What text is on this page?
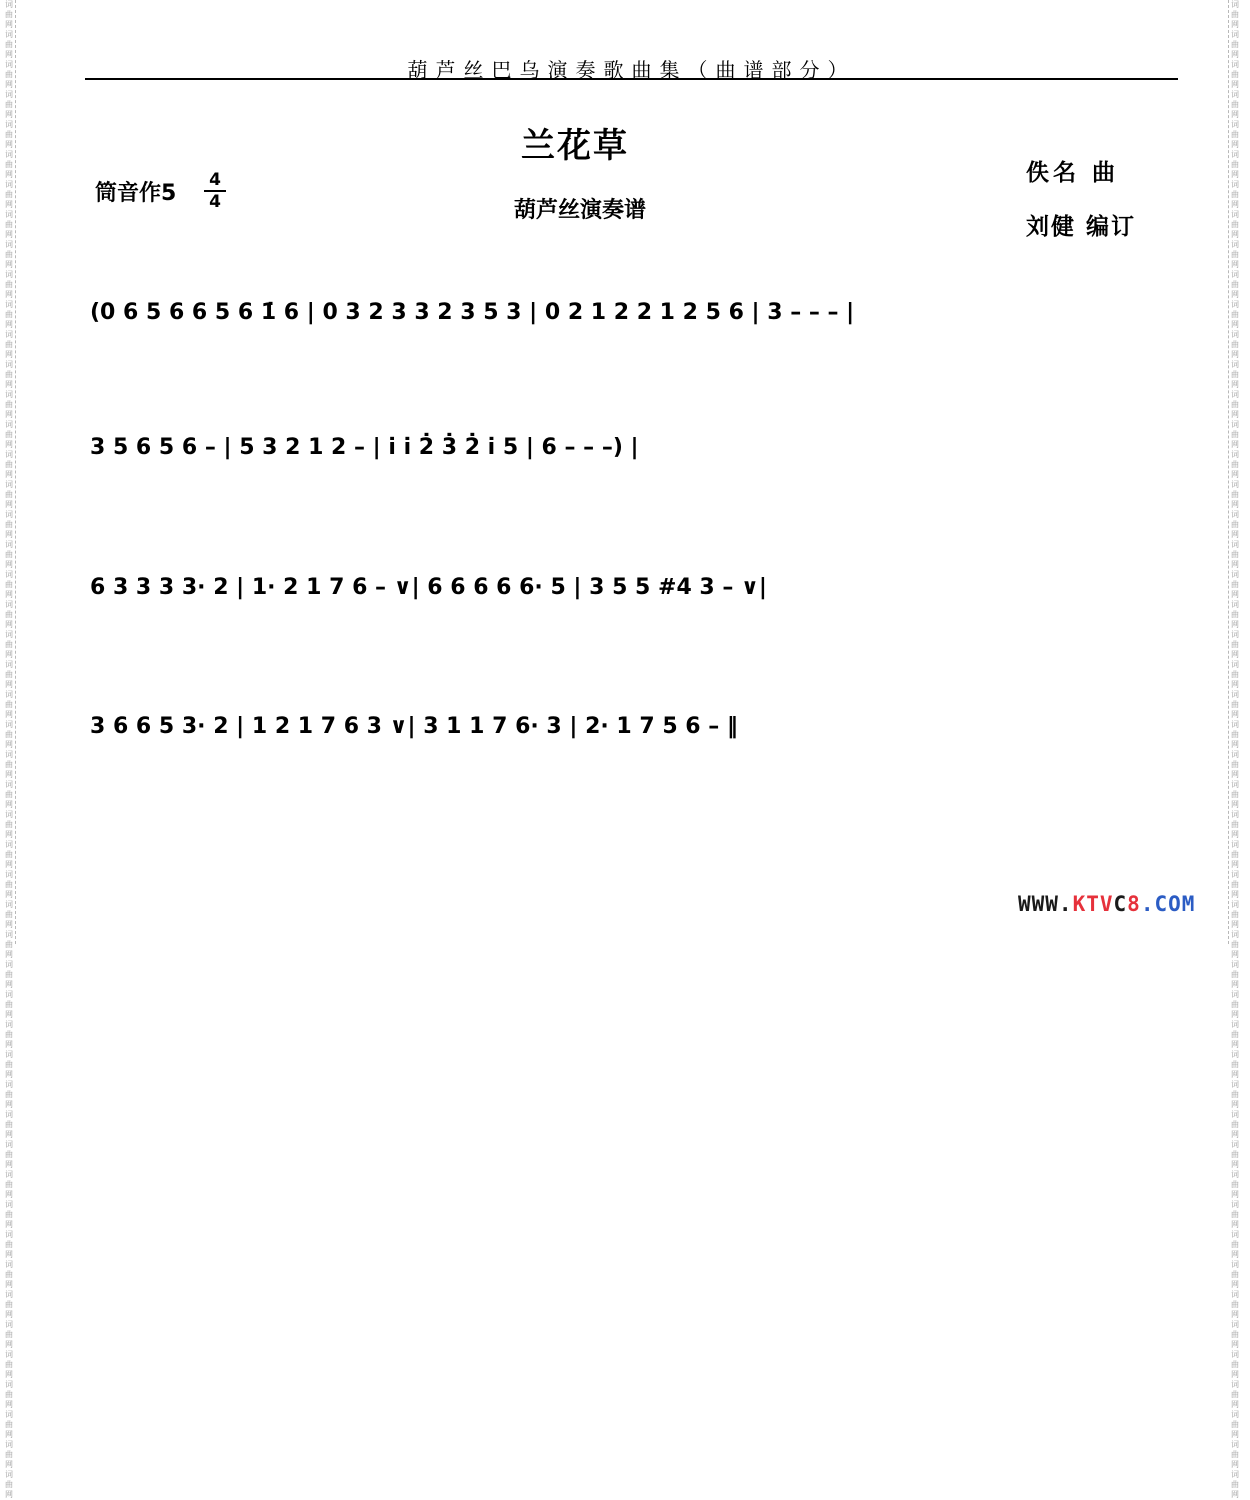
词曲网词曲网词曲网词曲网词曲网词曲网词曲网词曲网词曲网词曲网词曲网词曲网词曲网词曲网词曲网词曲网词曲网词曲网词曲网词曲网词曲网词曲网词曲网词曲网词曲网词曲网词曲网词曲网词曲网词曲网词曲网词曲网词曲网词曲网词曲网词曲网词曲网词曲网词曲网词曲网词曲网词曲网词曲网词曲网词曲网词曲网词曲网词曲网词曲网词曲网
词曲网词曲网词曲网词曲网词曲网词曲网词曲网词曲网词曲网词曲网词曲网词曲网词曲网词曲网词曲网词曲网词曲网词曲网词曲网词曲网词曲网词曲网词曲网词曲网词曲网词曲网词曲网词曲网词曲网词曲网词曲网词曲网词曲网词曲网词曲网词曲网词曲网词曲网词曲网词曲网词曲网词曲网词曲网词曲网词曲网词曲网词曲网词曲网词曲网词曲网
葫芦丝巴乌演奏歌曲集（曲谱部分）
兰花草
葫芦丝演奏谱
筒音作5
4
4
佚名 曲
刘健 编订
(0 6 5 6 6 5 6 1̇ 6 | 0 3 2 3 3 2 3 5 3 | 0 2 1 2 2 1 2 5 6 | 3 – – – |
3 5 6 5 6 – | 5 3 2 1 2 – | i̇ i̇ 2̇ 3̇ 2̇ i̇ 5 | 6 – – –) |
6 3 3 3 3· 2 | 1· 2 1 7 6 – ∨| 6 6 6 6 6· 5 | 3 5 5 #4 3 – ∨|
3 6 6 5 3· 2 | 1 2 1 7 6 3 ∨| 3 1 1 7 6· 3 | 2· 1 7 5 6 – ‖
WWW.KTVC8.COM
